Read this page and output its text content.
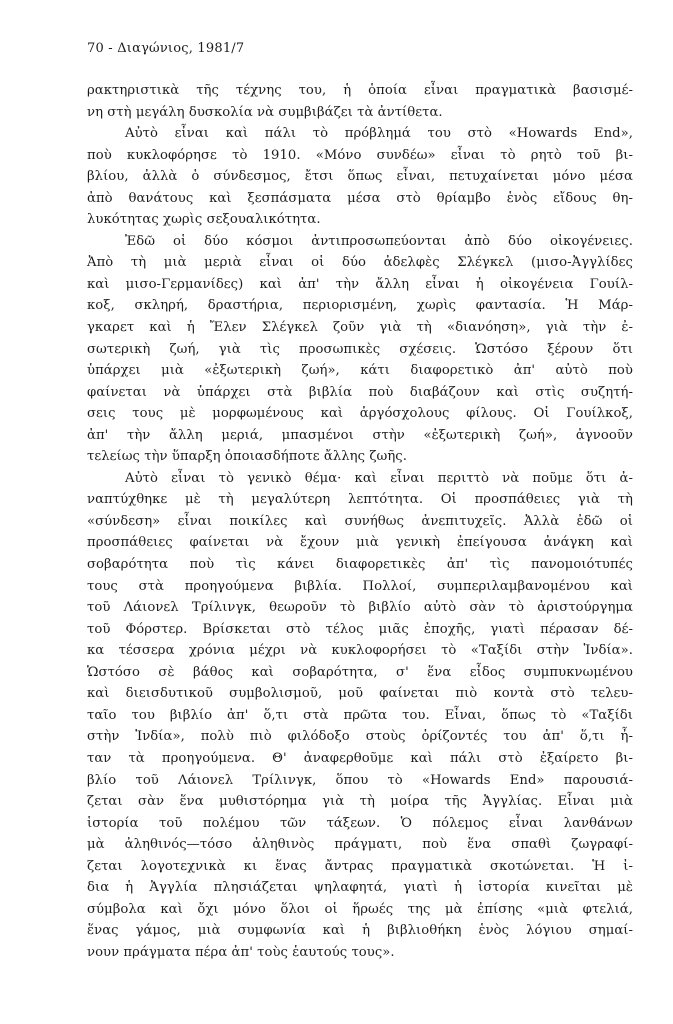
70 - Διαγώνιος, 1981/7
ρακτηριστικὰ τῆς τέχνης του, ἡ ὁποία εἶναι πραγματικὰ βασισμέ-
νη στὴ μεγάλη δυσκολία νὰ συμβιβάζει τὰ ἀντίθετα.
Αὐτὸ εἶναι καὶ πάλι τὸ πρόβλημά του στὸ «Howards End»,
ποὺ κυκλοφόρησε τὸ 1910. «Μόνο συνδέω» εἶναι τὸ ρητὸ τοῦ βι-
βλίου, ἀλλὰ ὁ σύνδεσμος, ἔτσι ὅπως εἶναι, πετυχαίνεται μόνο μέσα
ἀπὸ θανάτους καὶ ξεσπάσματα μέσα στὸ θρίαμβο ἑνὸς εἴδους θη-
λυκότητας χωρὶς σεξουαλικότητα.
Ἐδῶ οἱ δύο κόσμοι ἀντιπροσωπεύονται ἀπὸ δύο οἰκογένειες.
Ἀπὸ τὴ μιὰ μεριὰ εἶναι οἱ δύο ἀδελφὲς Σλέγκελ (μισο-Ἀγγλίδες
καὶ μισο-Γερμανίδες) καὶ ἀπ' τὴν ἄλλη εἶναι ἡ οἰκογένεια Γουίλ-
κοξ, σκληρή, δραστήρια, περιορισμένη, χωρὶς φαντασία. Ἡ Μάρ-
γκαρετ καὶ ἡ Ἔλεν Σλέγκελ ζοῦν γιὰ τὴ «διανόηση», γιὰ τὴν ἐ-
σωτερικὴ ζωή, γιὰ τὶς προσωπικὲς σχέσεις. Ὡστόσο ξέρουν ὅτι
ὑπάρχει μιὰ «ἐξωτερικὴ ζωή», κάτι διαφορετικὸ ἀπ' αὐτὸ ποὺ
φαίνεται νὰ ὑπάρχει στὰ βιβλία ποὺ διαβάζουν καὶ στὶς συζητή-
σεις τους μὲ μορφωμένους καὶ ἀργόσχολους φίλους. Οἱ Γουίλκοξ,
ἀπ' τὴν ἄλλη μεριά, μπασμένοι στὴν «ἐξωτερικὴ ζωή», ἀγνοοῦν
τελείως τὴν ὕπαρξη ὁποιασδήποτε ἄλλης ζωῆς.
Αὐτὸ εἶναι τὸ γενικὸ θέμα· καὶ εἶναι περιττὸ νὰ ποῦμε ὅτι ἀ-
ναπτύχθηκε μὲ τὴ μεγαλύτερη λεπτότητα. Οἱ προσπάθειες γιὰ τὴ
«σύνδεση» εἶναι ποικίλες καὶ συνήθως ἀνεπιτυχεῖς. Ἀλλὰ ἐδῶ οἱ
προσπάθειες φαίνεται νὰ ἔχουν μιὰ γενικὴ ἐπείγουσα ἀνάγκη καὶ
σοβαρότητα ποὺ τὶς κάνει διαφορετικὲς ἀπ' τὶς πανομοιότυπές
τους στὰ προηγούμενα βιβλία. Πολλοί, συμπεριλαμβανομένου καὶ
τοῦ Λάιονελ Τρίλινγκ, θεωροῦν τὸ βιβλίο αὐτὸ σὰν τὸ ἀριστούργημα
τοῦ Φόρστερ. Βρίσκεται στὸ τέλος μιᾶς ἐποχῆς, γιατὶ πέρασαν δέ-
κα τέσσερα χρόνια μέχρι νὰ κυκλοφορήσει τὸ «Ταξίδι στὴν Ἰνδία».
Ὡστόσο σὲ βάθος καὶ σοβαρότητα, σ' ἕνα εἶδος συμπυκνωμένου
καὶ διεισδυτικοῦ συμβολισμοῦ, μοῦ φαίνεται πιὸ κοντὰ στὸ τελευ-
ταῖο του βιβλίο ἀπ' ὅ,τι στὰ πρῶτα του. Εἶναι, ὅπως τὸ «Ταξίδι
στὴν Ἰνδία», πολὺ πιὸ φιλόδοξο στοὺς ὁρίζοντές του ἀπ' ὅ,τι ἦ-
ταν τὰ προηγούμενα. Θ' ἀναφερθοῦμε καὶ πάλι στὸ ἐξαίρετο βι-
βλίο τοῦ Λάιονελ Τρίλινγκ, ὅπου τὸ «Howards End» παρουσιά-
ζεται σὰν ἕνα μυθιστόρημα γιὰ τὴ μοίρα τῆς Ἀγγλίας. Εἶναι μιὰ
ἱστορία τοῦ πολέμου τῶν τάξεων. Ὁ πόλεμος εἶναι λανθάνων
μὰ ἀληθινός—τόσο ἀληθινὸς πράγματι, ποὺ ἕνα σπαθὶ ζωγραφί-
ζεται λογοτεχνικὰ κι ἕνας ἄντρας πραγματικὰ σκοτώνεται. Ἡ ἰ-
δια ἡ Ἀγγλία πλησιάζεται ψηλαφητά, γιατὶ ἡ ἱστορία κινεῖται μὲ
σύμβολα καὶ ὄχι μόνο ὅλοι οἱ ἥρωές της μὰ ἐπίσης «μιὰ φτελιά,
ἕνας γάμος, μιὰ συμφωνία καὶ ἡ βιβλιοθήκη ἑνὸς λόγιου σημαί-
νουν πράγματα πέρα ἀπ' τοὺς ἑαυτούς τους».
